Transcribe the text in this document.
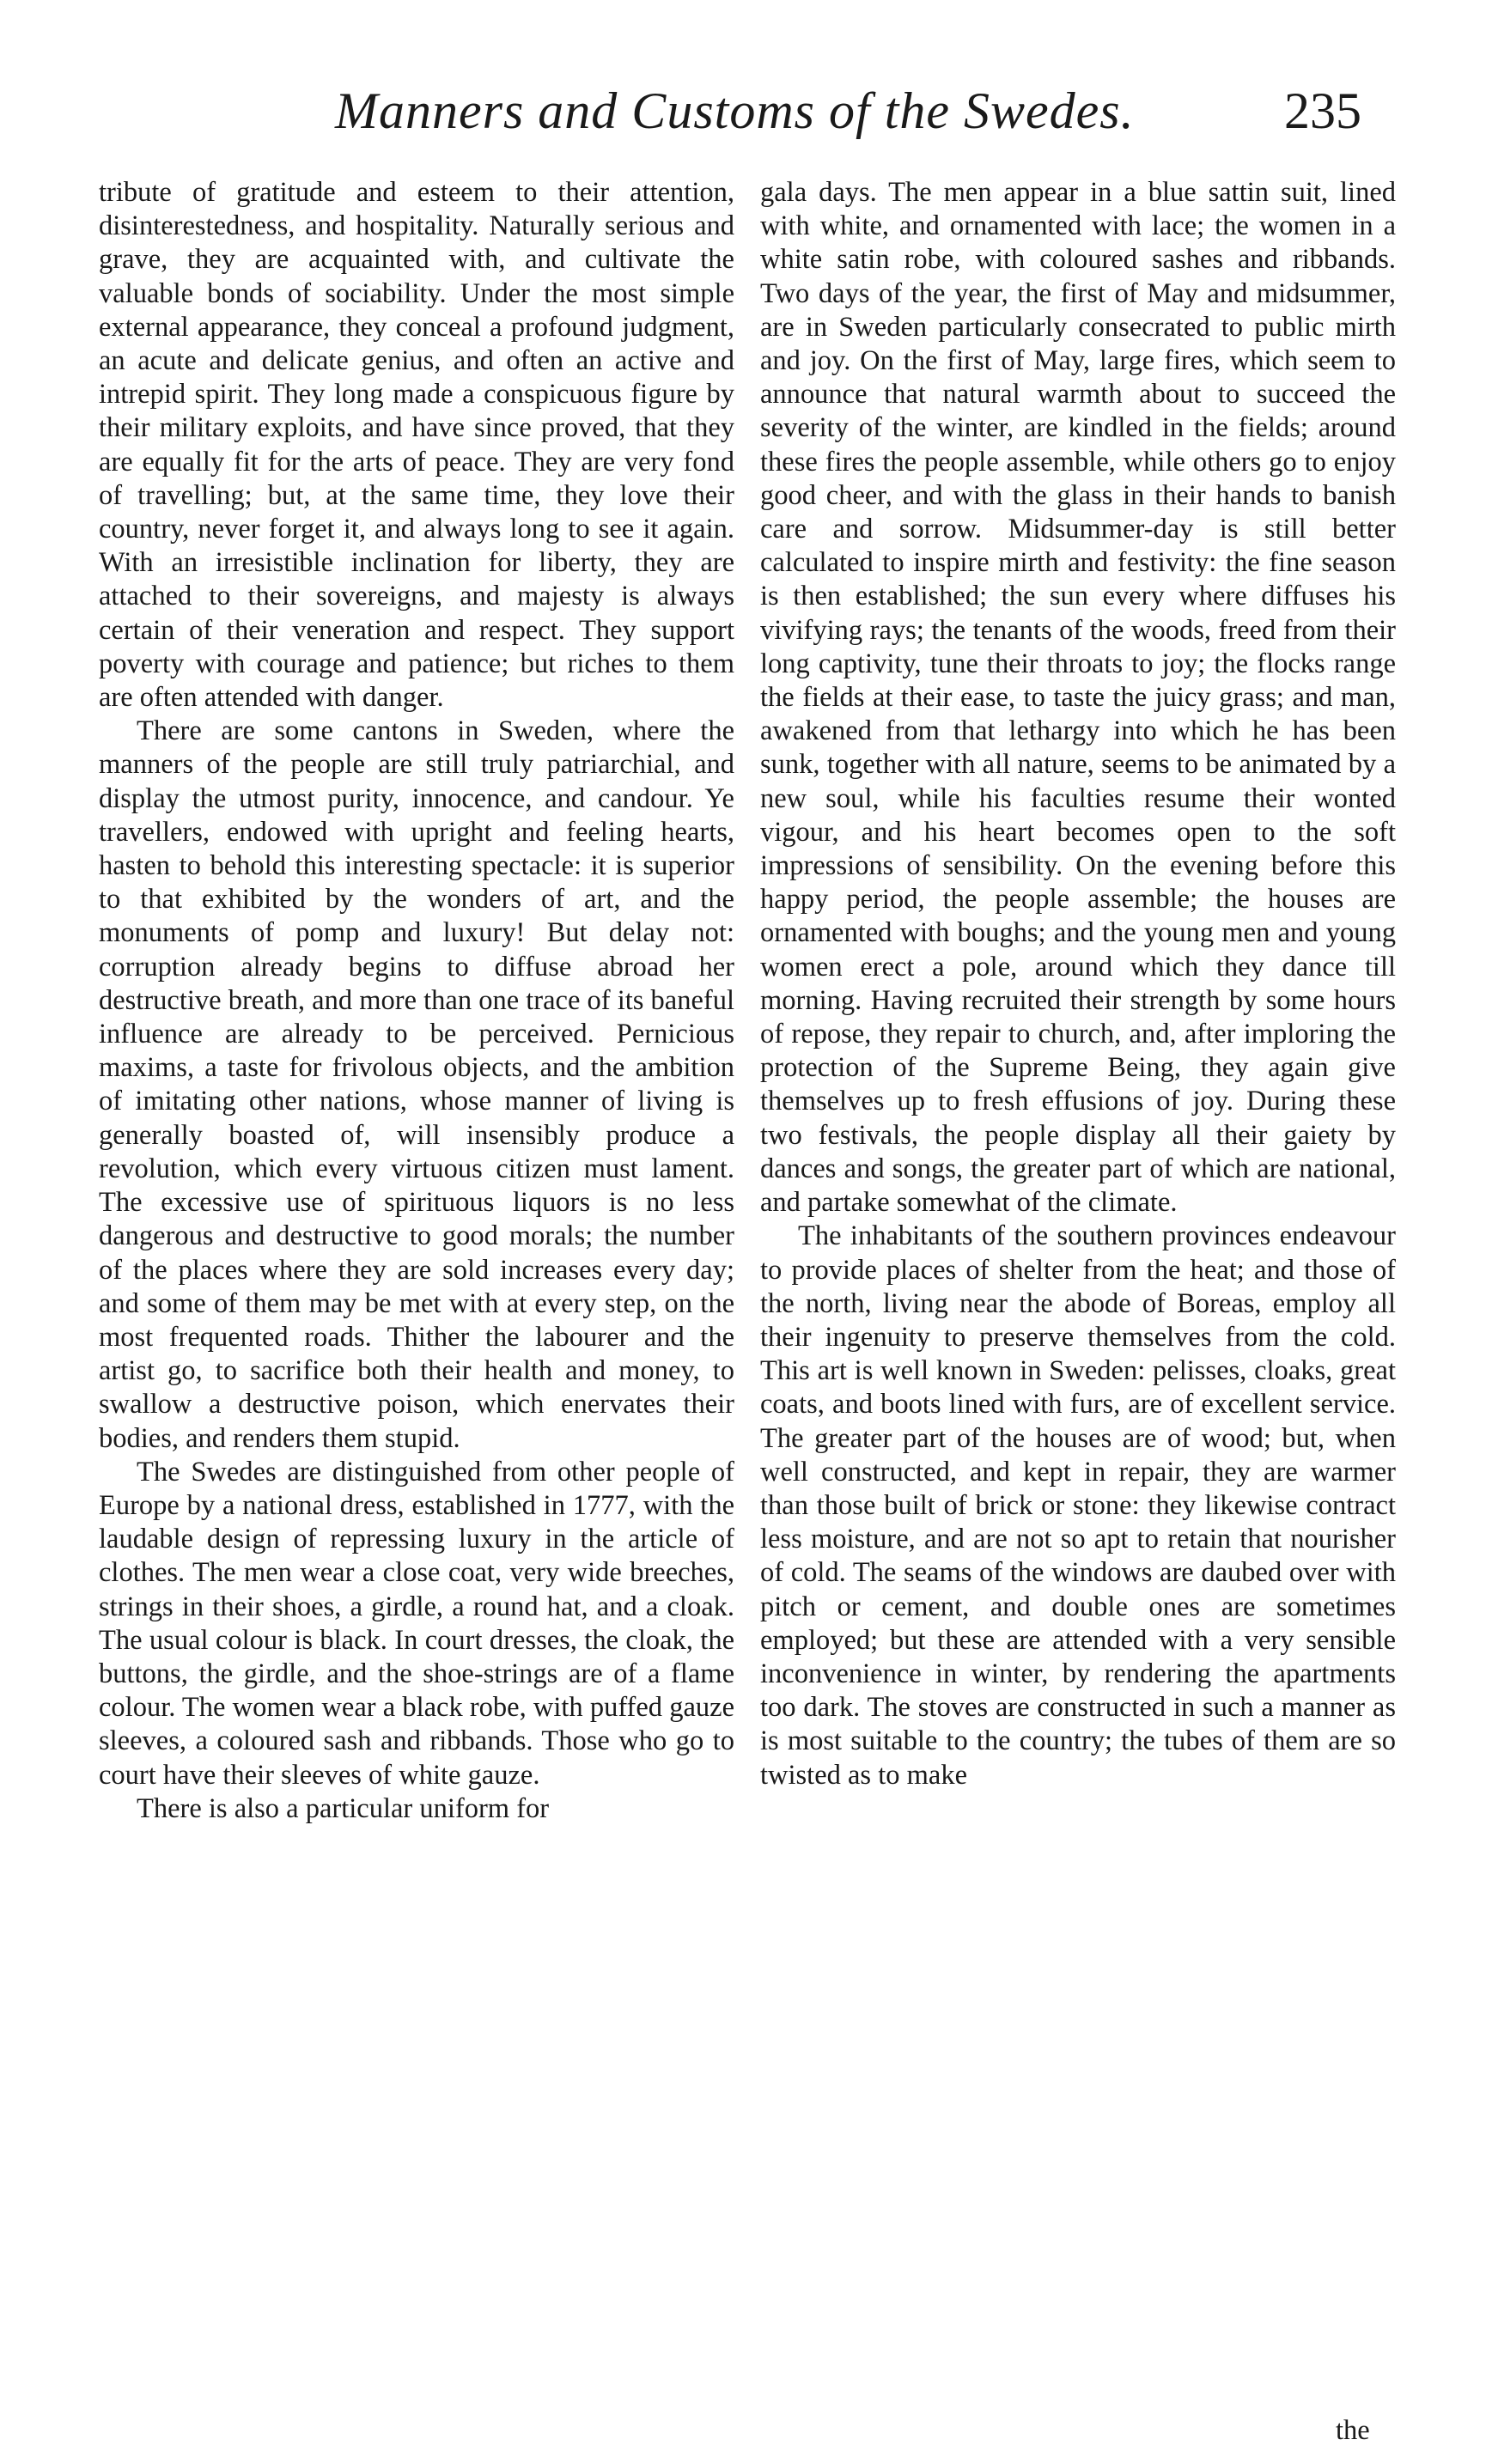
Manners and Customs of the Swedes.	235

tribute of gratitude and esteem to their attention, disinterestedness, and hospitality. Naturally serious and grave, they are acquainted with, and cultivate the valuable bonds of sociability. Under the most simple external appearance, they conceal a profound judgment, an acute and delicate genius, and often an active and intrepid spirit. They long made a conspicuous figure by their military exploits, and have since proved, that they are equally fit for the arts of peace. They are very fond of travelling; but, at the same time, they love their country, never forget it, and always long to see it again. With an irresistible inclination for liberty, they are attached to their sovereigns, and majesty is always certain of their veneration and respect. They support poverty with courage and patience; but riches to them are often attended with danger.

There are some cantons in Sweden, where the manners of the people are still truly patriarchial, and display the utmost purity, innocence, and candour. Ye travellers, endowed with upright and feeling hearts, hasten to behold this interesting spectacle: it is superior to that exhibited by the wonders of art, and the monuments of pomp and luxury! But delay not: corruption already begins to diffuse abroad her destructive breath, and more than one trace of its baneful influence are already to be perceived. Pernicious maxims, a taste for frivolous objects, and the ambition of imitating other nations, whose manner of living is generally boasted of, will insensibly produce a revolution, which every virtuous citizen must lament. The excessive use of spirituous liquors is no less dangerous and destructive to good morals; the number of the places where they are sold increases every day; and some of them may be met with at every step, on the most frequented roads. Thither the labourer and the artist go, to sacrifice both their health and money, to swallow a destructive poison, which enervates their bodies, and renders them stupid.

The Swedes are distinguished from other people of Europe by a national dress, established in 1777, with the laudable design of repressing luxury in the article of clothes. The men wear a close coat, very wide breeches, strings in their shoes, a girdle, a round hat, and a cloak. The usual colour is black. In court dresses, the cloak, the buttons, the girdle, and the shoe-strings are of a flame colour. The women wear a black robe, with puffed gauze sleeves, a coloured sash and ribbands. Those who go to court have their sleeves of white gauze.

There is also a particular uniform for

gala days. The men appear in a blue sattin suit, lined with white, and ornamented with lace; the women in a white satin robe, with coloured sashes and ribbands. Two days of the year, the first of May and midsummer, are in Sweden particularly consecrated to public mirth and joy. On the first of May, large fires, which seem to announce that natural warmth about to succeed the severity of the winter, are kindled in the fields; around these fires the people assemble, while others go to enjoy good cheer, and with the glass in their hands to banish care and sorrow. Midsummer-day is still better calculated to inspire mirth and festivity: the fine season is then established; the sun every where diffuses his vivifying rays; the tenants of the woods, freed from their long captivity, tune their throats to joy; the flocks range the fields at their ease, to taste the juicy grass; and man, awakened from that lethargy into which he has been sunk, together with all nature, seems to be animated by a new soul, while his faculties resume their wonted vigour, and his heart becomes open to the soft impressions of sensibility. On the evening before this happy period, the people assemble; the houses are ornamented with boughs; and the young men and young women erect a pole, around which they dance till morning. Having recruited their strength by some hours of repose, they repair to church, and, after imploring the protection of the Supreme Being, they again give themselves up to fresh effusions of joy. During these two festivals, the people display all their gaiety by dances and songs, the greater part of which are national, and partake somewhat of the climate.

The inhabitants of the southern provinces endeavour to provide places of shelter from the heat; and those of the north, living near the abode of Boreas, employ all their ingenuity to preserve themselves from the cold. This art is well known in Sweden: pelisses, cloaks, great coats, and boots lined with furs, are of excellent service. The greater part of the houses are of wood; but, when well constructed, and kept in repair, they are warmer than those built of brick or stone: they likewise contract less moisture, and are not so apt to retain that nourisher of cold. The seams of the windows are daubed over with pitch or cement, and double ones are sometimes employed; but these are attended with a very sensible inconvenience in winter, by rendering the apartments too dark. The stoves are constructed in such a manner as is most suitable to the country; the tubes of them are so twisted as to make

the
